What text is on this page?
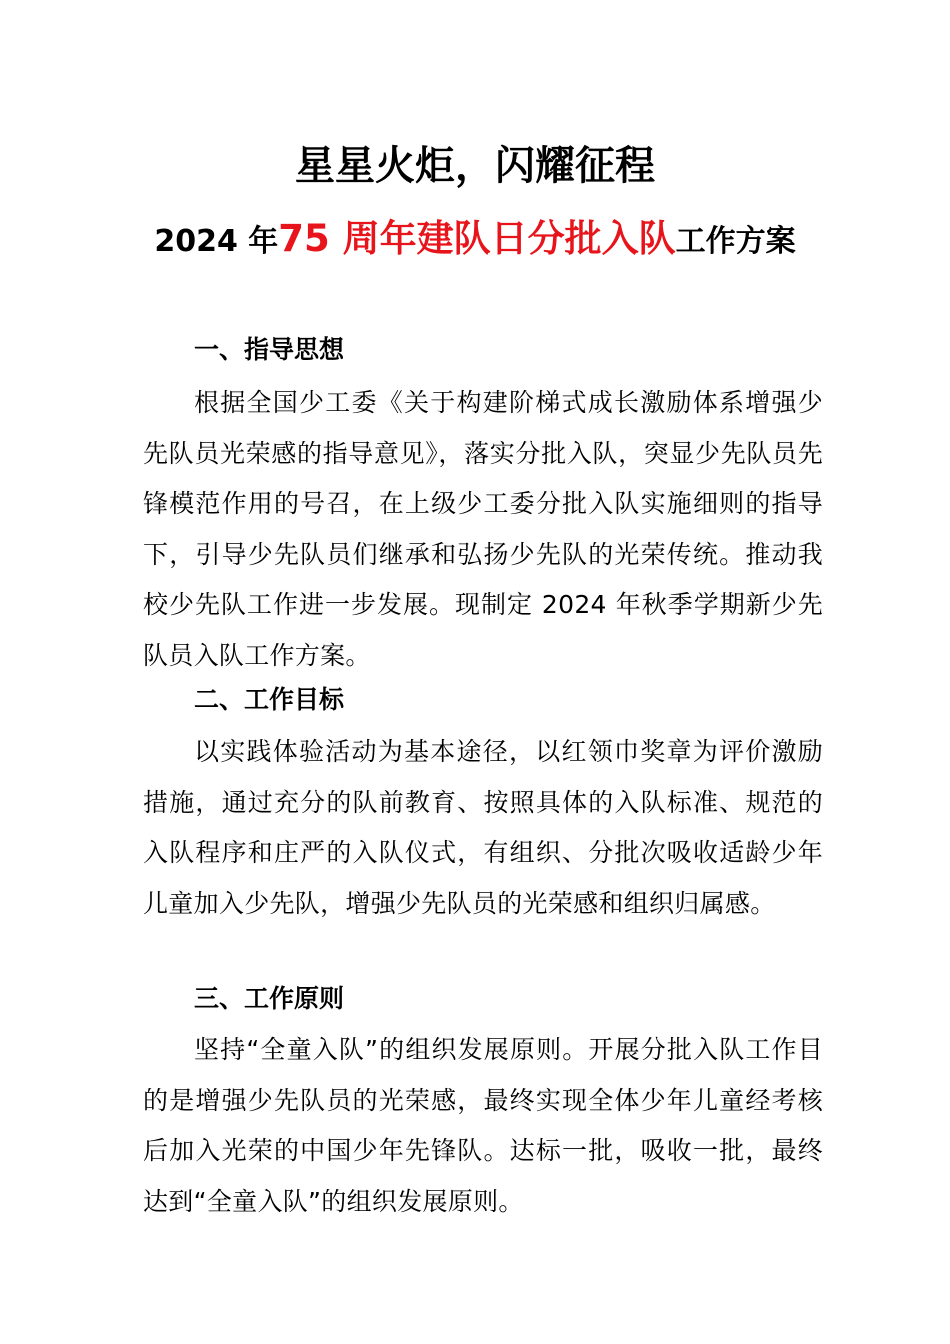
星星火炬，闪耀征程
2024 年75 周年建队日分批入队工作方案
一、指导思想
根据全国少工委《关于构建阶梯式成长激励体系增强少先队员光荣感的指导意见》，落实分批入队，突显少先队员先锋模范作用的号召，在上级少工委分批入队实施细则的指导下，引导少先队员们继承和弘扬少先队的光荣传统。推动我校少先队工作进一步发展。现制定 2024 年秋季学期新少先队员入队工作方案。
二、工作目标
以实践体验活动为基本途径，以红领巾奖章为评价激励措施，通过充分的队前教育、按照具体的入队标准、规范的入队程序和庄严的入队仪式，有组织、分批次吸收适龄少年儿童加入少先队，增强少先队员的光荣感和组织归属感。
三、工作原则
坚持“全童入队”的组织发展原则。开展分批入队工作目的是增强少先队员的光荣感，最终实现全体少年儿童经考核后加入光荣的中国少年先锋队。达标一批，吸收一批，最终达到“全童入队”的组织发展原则。
